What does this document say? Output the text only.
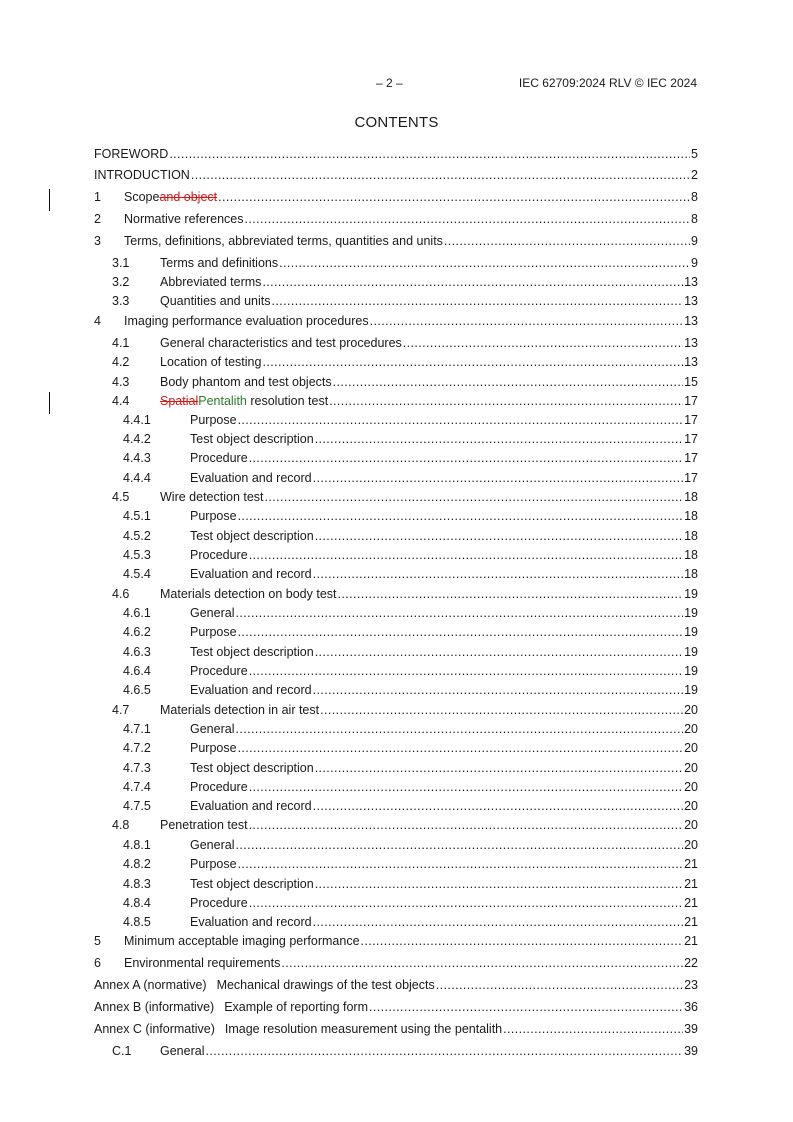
– 2 –	IEC 62709:2024 RLV © IEC 2024
CONTENTS
FOREWORD .....	5
INTRODUCTION .....	2
1	Scope and object .....	8
2	Normative references .....	8
3	Terms, definitions, abbreviated terms, quantities and units .....	9
3.1	Terms and definitions .....	9
3.2	Abbreviated terms .....	13
3.3	Quantities and units .....	13
4	Imaging performance evaluation procedures .....	13
4.1	General characteristics and test procedures .....	13
4.2	Location of testing .....	13
4.3	Body phantom and test objects .....	15
4.4	Spatial Pentalith resolution test .....	17
4.4.1	Purpose .....	17
4.4.2	Test object description .....	17
4.4.3	Procedure .....	17
4.4.4	Evaluation and record .....	17
4.5	Wire detection test .....	18
4.5.1	Purpose .....	18
4.5.2	Test object description .....	18
4.5.3	Procedure .....	18
4.5.4	Evaluation and record .....	18
4.6	Materials detection on body test .....	19
4.6.1	General .....	19
4.6.2	Purpose .....	19
4.6.3	Test object description .....	19
4.6.4	Procedure .....	19
4.6.5	Evaluation and record .....	19
4.7	Materials detection in air test .....	20
4.7.1	General .....	20
4.7.2	Purpose .....	20
4.7.3	Test object description .....	20
4.7.4	Procedure .....	20
4.7.5	Evaluation and record .....	20
4.8	Penetration test .....	20
4.8.1	General .....	20
4.8.2	Purpose .....	21
4.8.3	Test object description .....	21
4.8.4	Procedure .....	21
4.8.5	Evaluation and record .....	21
5	Minimum acceptable imaging performance .....	21
6	Environmental requirements .....	22
Annex A (normative) Mechanical drawings of the test objects .....	23
Annex B (informative) Example of reporting form .....	36
Annex C (informative) Image resolution measurement using the pentalith .....	39
C.1	General .....	39
